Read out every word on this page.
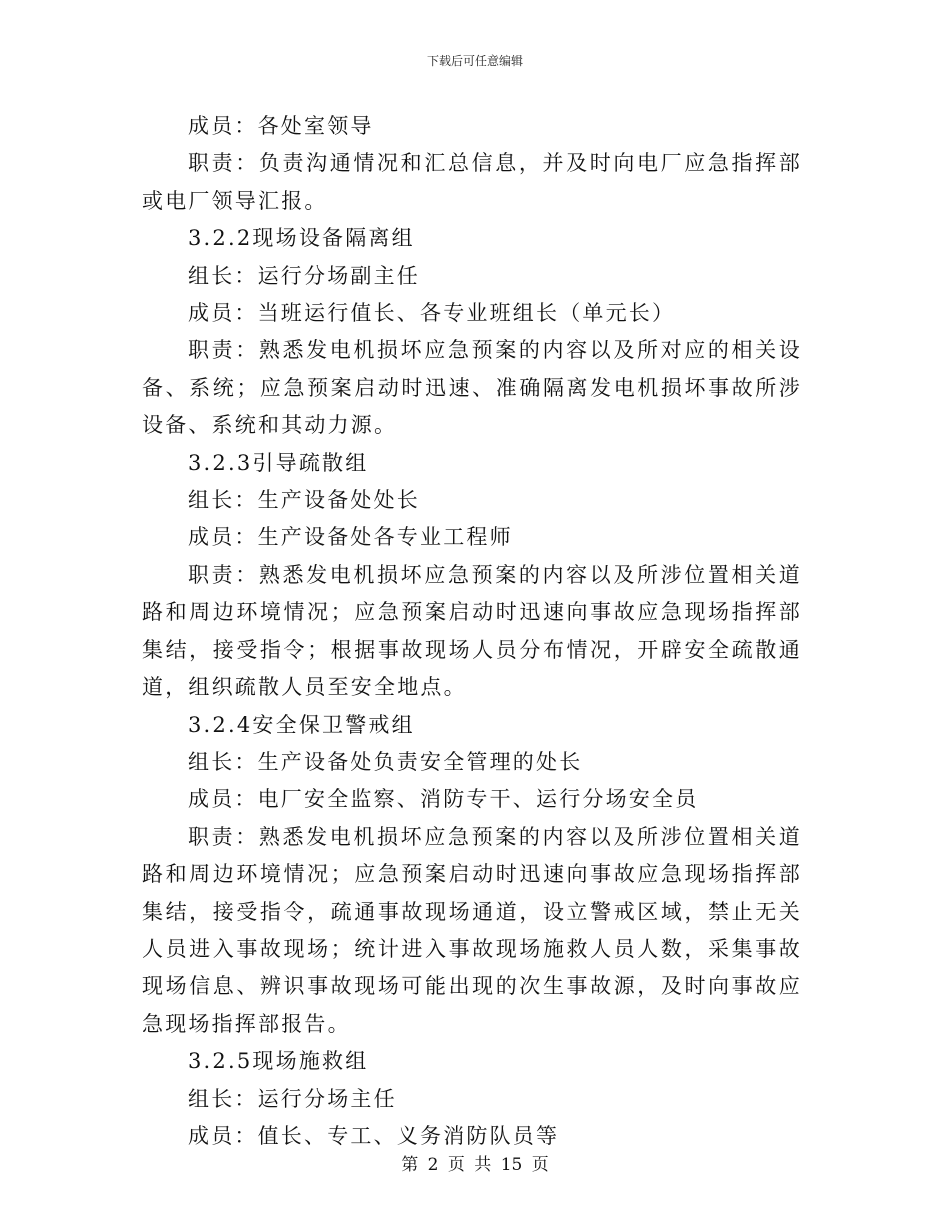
下载后可任意编辑

成员：各处室领导

职责：负责沟通情况和汇总信息，并及时向电厂应急指挥部或电厂领导汇报。

3.2.2现场设备隔离组

组长：运行分场副主任

成员：当班运行值长、各专业班组长（单元长）

职责：熟悉发电机损坏应急预案的内容以及所对应的相关设备、系统；应急预案启动时迅速、准确隔离发电机损坏事故所涉设备、系统和其动力源。

3.2.3引导疏散组

组长：生产设备处处长

成员：生产设备处各专业工程师

职责：熟悉发电机损坏应急预案的内容以及所涉位置相关道路和周边环境情况；应急预案启动时迅速向事故应急现场指挥部集结，接受指令；根据事故现场人员分布情况，开辟安全疏散通道，组织疏散人员至安全地点。

3.2.4安全保卫警戒组

组长：生产设备处负责安全管理的处长

成员：电厂安全监察、消防专干、运行分场安全员

职责：熟悉发电机损坏应急预案的内容以及所涉位置相关道路和周边环境情况；应急预案启动时迅速向事故应急现场指挥部集结，接受指令，疏通事故现场通道，设立警戒区域，禁止无关人员进入事故现场；统计进入事故现场施救人员人数，采集事故现场信息、辨识事故现场可能出现的次生事故源，及时向事故应急现场指挥部报告。

3.2.5现场施救组

组长：运行分场主任

成员：值长、专工、义务消防队员等

第 2 页 共 15 页
